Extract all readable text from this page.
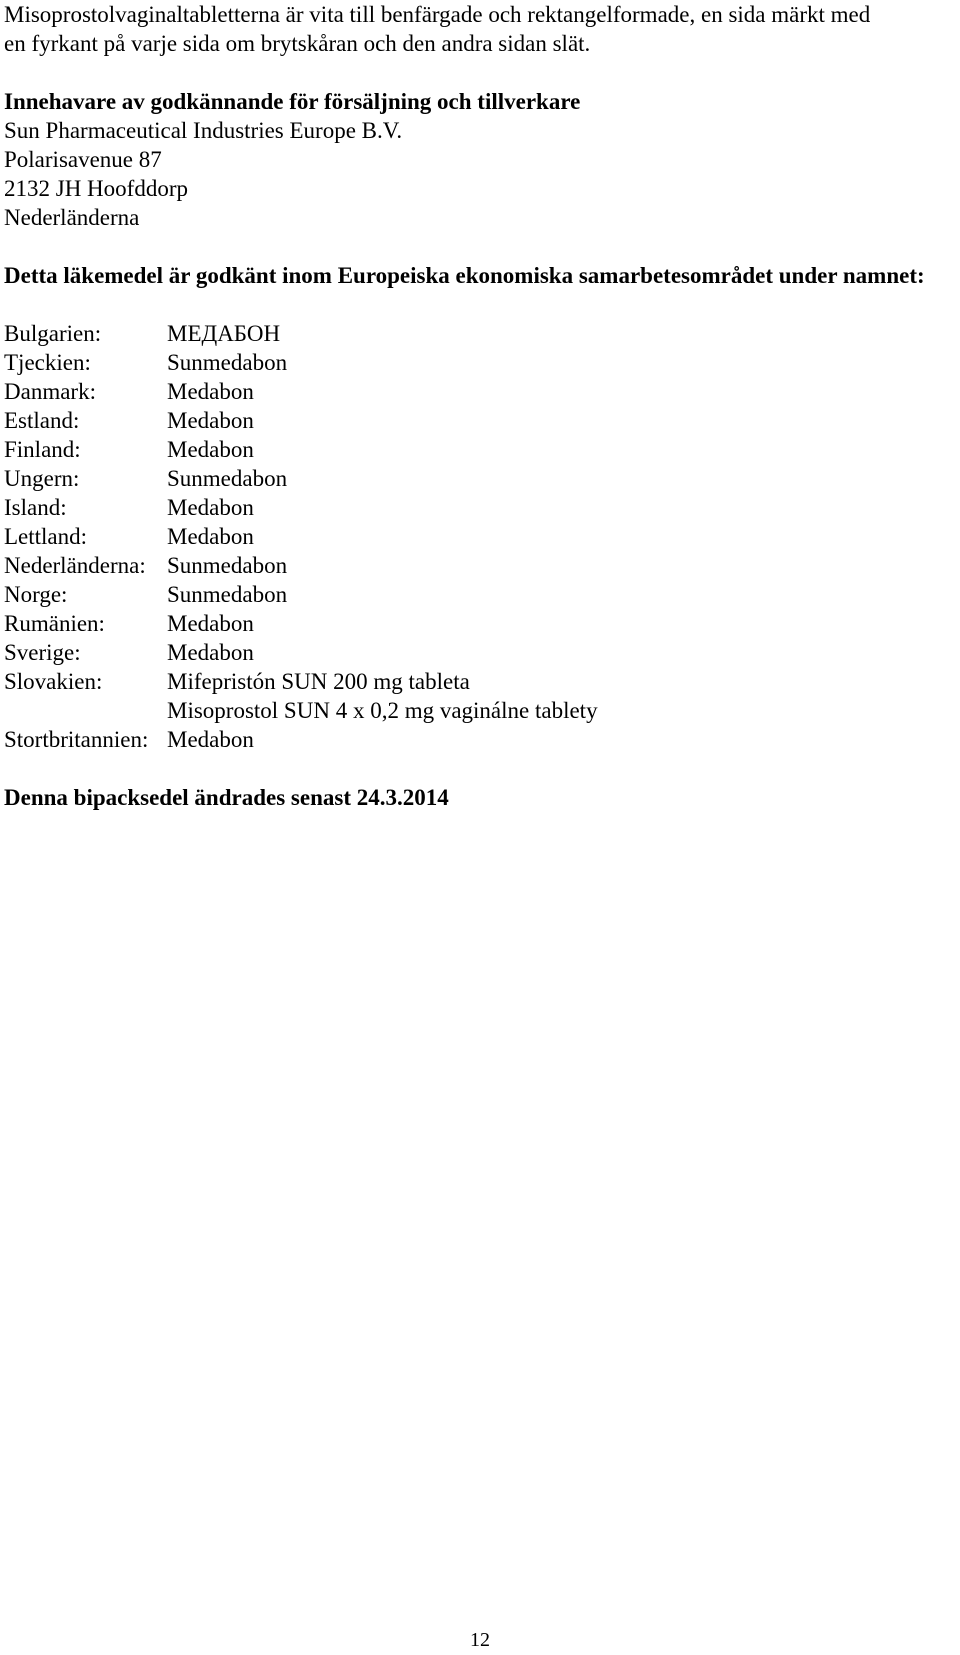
Misoprostolvaginaltabletterna är vita till benfärgade och rektangelformade, en sida märkt med

en fyrkant på varje sida om brytskåran och den andra sidan slät.

Innehavare av godkännande för försäljning och tillverkare

Sun Pharmaceutical Industries Europe B.V.

Polarisavenue 87

2132 JH Hoofddorp

Nederländerna

Detta läkemedel är godkänt inom Europeiska ekonomiska samarbetesområdet under namnet:

Bulgarien:	МЕДАБОН
Tjeckien:	Sunmedabon
Danmark:	Medabon
Estland:	Medabon
Finland:	Medabon
Ungern:	Sunmedabon
Island:	Medabon
Lettland:	Medabon
Nederländerna:	Sunmedabon
Norge:	Sunmedabon
Rumänien:	Medabon
Sverige:	Medabon
Slovakien:	Mifepristón SUN 200 mg tableta
	Misoprostol SUN 4 x 0,2 mg vaginálne tablety
Stortbritannien:	Medabon

Denna bipacksedel ändrades senast 24.3.2014

12
